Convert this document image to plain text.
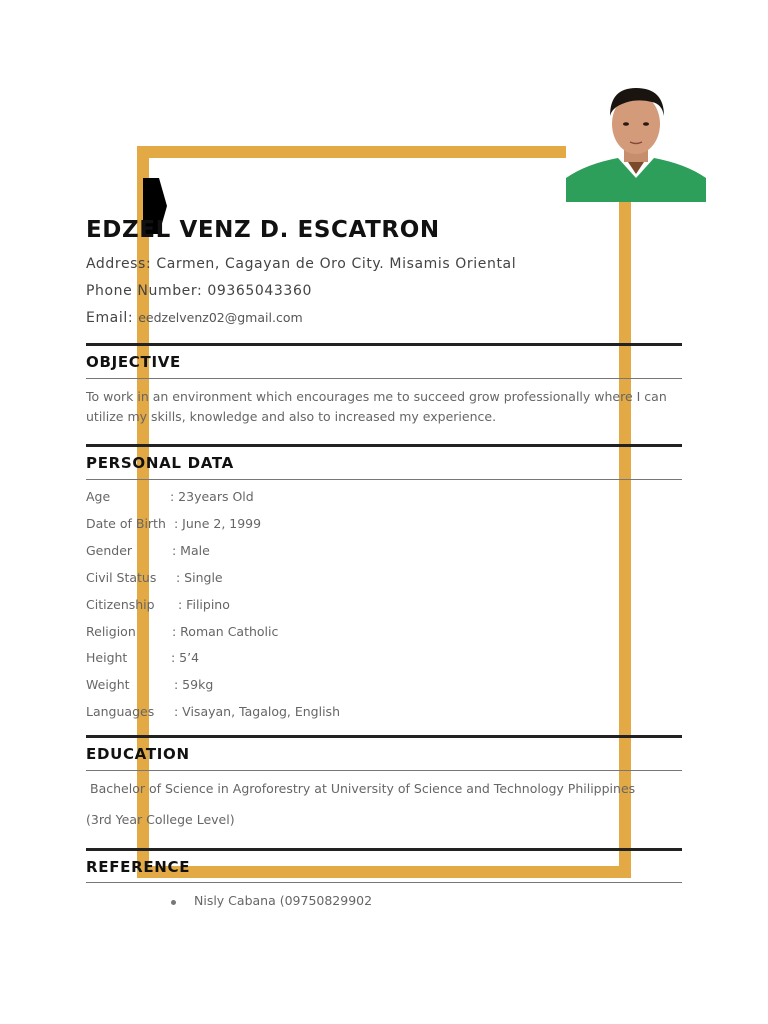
EDZEL VENZ D. ESCATRON
Address: Carmen, Cagayan de Oro City. Misamis Oriental
Phone Number: 09365043360
Email: eedzelvenz02@gmail.com
OBJECTIVE

To work in an environment which encourages me to succeed grow professionally where I can utilize my skills, knowledge and also to increased my experience.

PERSONAL DATA
Age	: 23years Old
Date of Birth : June 2, 1999
Gender	: Male
Civil Status : Single
Citizenship : Filipino
Religion	: Roman Catholic
Height	: 5’4
Weight	: 59kg
Languages : Visayan, Tagalog, English
EDUCATION
Bachelor of Science in Agroforestry at University of Science and Technology Philippines
(3rd Year College Level)
REFERENCE
Nisly Cabana (09750829902
